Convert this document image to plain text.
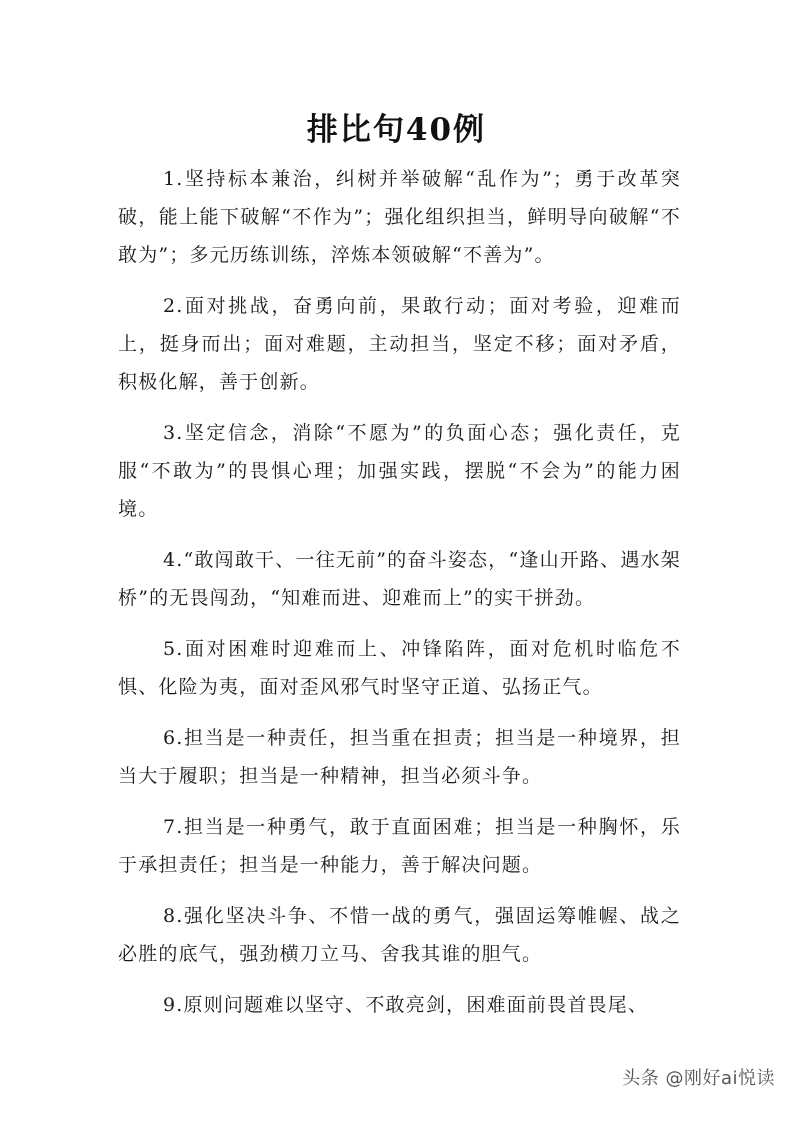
排比句40例

1.坚持标本兼治，纠树并举破解“乱作为”；勇于改革突破，能上能下破解“不作为”；强化组织担当，鲜明导向破解“不敢为”；多元历练训练，淬炼本领破解“不善为”。

2.面对挑战，奋勇向前，果敢行动；面对考验，迎难而上，挺身而出；面对难题，主动担当，坚定不移；面对矛盾，积极化解，善于创新。

3.坚定信念，消除“不愿为”的负面心态；强化责任，克服“不敢为”的畏惧心理；加强实践，摆脱“不会为”的能力困境。

4.“敢闯敢干、一往无前”的奋斗姿态，“逢山开路、遇水架桥”的无畏闯劲，“知难而进、迎难而上”的实干拼劲。

5.面对困难时迎难而上、冲锋陷阵，面对危机时临危不惧、化险为夷，面对歪风邪气时坚守正道、弘扬正气。

6.担当是一种责任，担当重在担责；担当是一种境界，担当大于履职；担当是一种精神，担当必须斗争。

7.担当是一种勇气，敢于直面困难；担当是一种胸怀，乐于承担责任；担当是一种能力，善于解决问题。

8.强化坚决斗争、不惜一战的勇气，强固运筹帷幄、战之必胜的底气，强劲横刀立马、舍我其谁的胆气。

9.原则问题难以坚守、不敢亮剑，困难面前畏首畏尾、

头条 @刚好ai悦读
